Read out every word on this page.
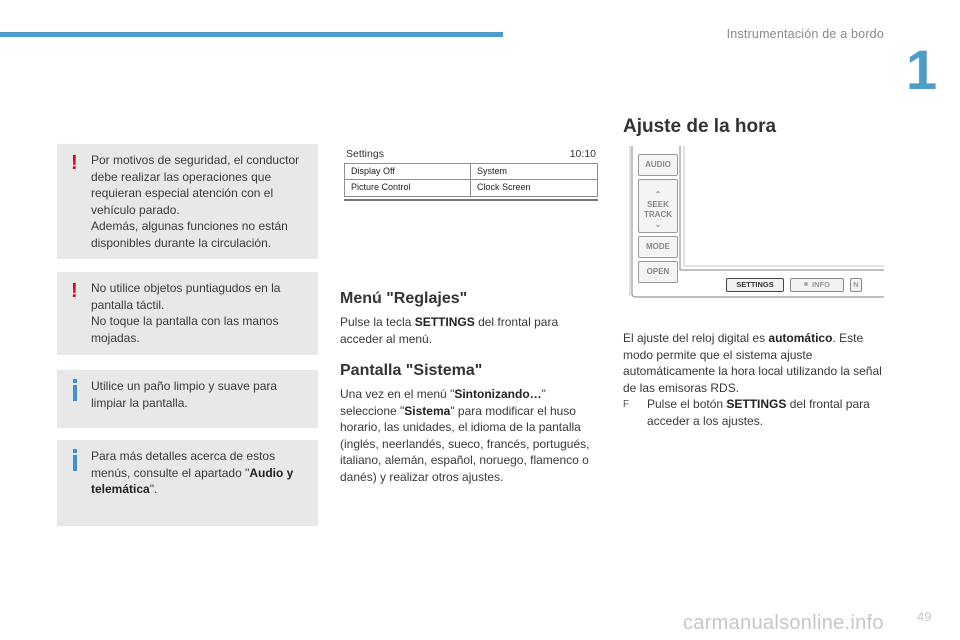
Instrumentación de a bordo
1
! Por motivos de seguridad, el conductor debe realizar las operaciones que requieran especial atención con el vehículo parado.

Además, algunas funciones no están disponibles durante la circulación.

! No utilice objetos puntiagudos en la pantalla táctil.

No toque la pantalla con las manos mojadas.

Utilice un paño limpio y suave para limpiar la pantalla.

Para más detalles acerca de estos menús, consulte el apartado "Audio y telemática".

Settings	10:10
Display Off	System
Picture Control	Clock Screen
Menú "Reglajes"
Pulse la tecla SETTINGS del frontal para acceder al menú.
Pantalla "Sistema"
Una vez en el menú "Sintonizando…" seleccione "Sistema" para modificar el huso horario, las unidades, el idioma de la pantalla (inglés, neerlandés, sueco, francés, portugués, italiano, alemán, español, noruego, flamenco o danés) y realizar otros ajustes.
Ajuste de la hora
AUDIO
⌃
SEEK
TRACK
⌄
MODE
OPEN
SETTINGS	INFO	N
El ajuste del reloj digital es automático. Este modo permite que el sistema ajuste automáticamente la hora local utilizando la señal de las emisoras RDS.
F	Pulse el botón SETTINGS del frontal para acceder a los ajustes.
carmanualsonline.info	49
